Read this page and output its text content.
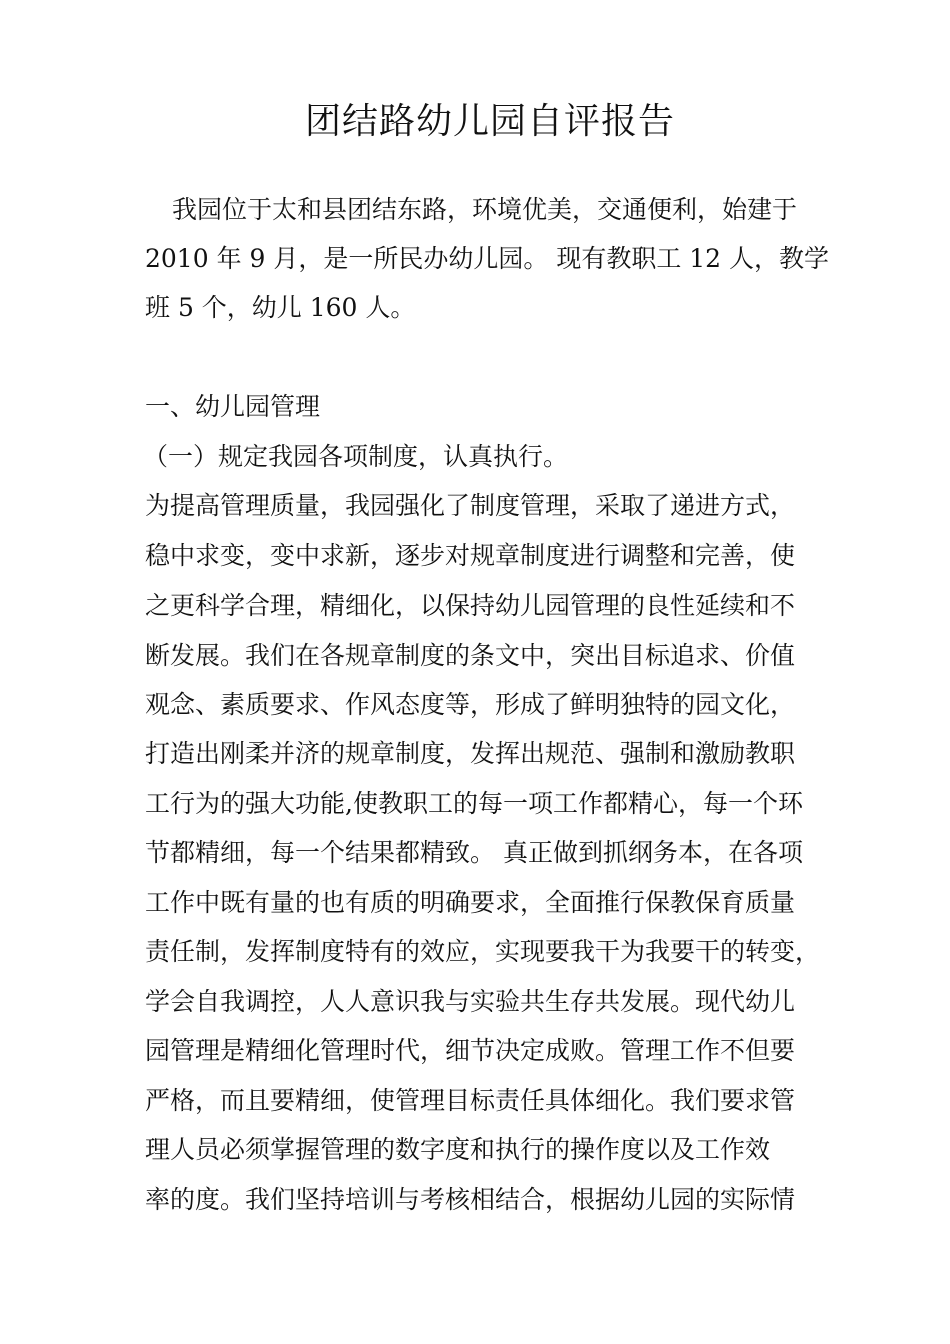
团结路幼儿园自评报告

我园位于太和县团结东路，环境优美，交通便利，始建于

2010 年 9 月，是一所民办幼儿园。 现有教职工 12 人，教学

班 5 个，幼儿 160 人。

一、幼儿园管理

（一）规定我园各项制度，认真执行。

为提高管理质量，我园强化了制度管理，采取了递进方式，

稳中求变，变中求新，逐步对规章制度进行调整和完善，使

之更科学合理，精细化，以保持幼儿园管理的良性延续和不

断发展。我们在各规章制度的条文中，突出目标追求、价值

观念、素质要求、作风态度等，形成了鲜明独特的园文化，

打造出刚柔并济的规章制度，发挥出规范、强制和激励教职

工行为的强大功能,使教职工的每一项工作都精心，每一个环

节都精细，每一个结果都精致。 真正做到抓纲务本，在各项

工作中既有量的也有质的明确要求，全面推行保教保育质量

责任制，发挥制度特有的效应，实现要我干为我要干的转变，

学会自我调控，人人意识我与实验共生存共发展。现代幼儿

园管理是精细化管理时代，细节决定成败。管理工作不但要

严格，而且要精细，使管理目标责任具体细化。我们要求管

理人员必须掌握管理的数字度和执行的操作度以及工作效

率的度。我们坚持培训与考核相结合，根据幼儿园的实际情
